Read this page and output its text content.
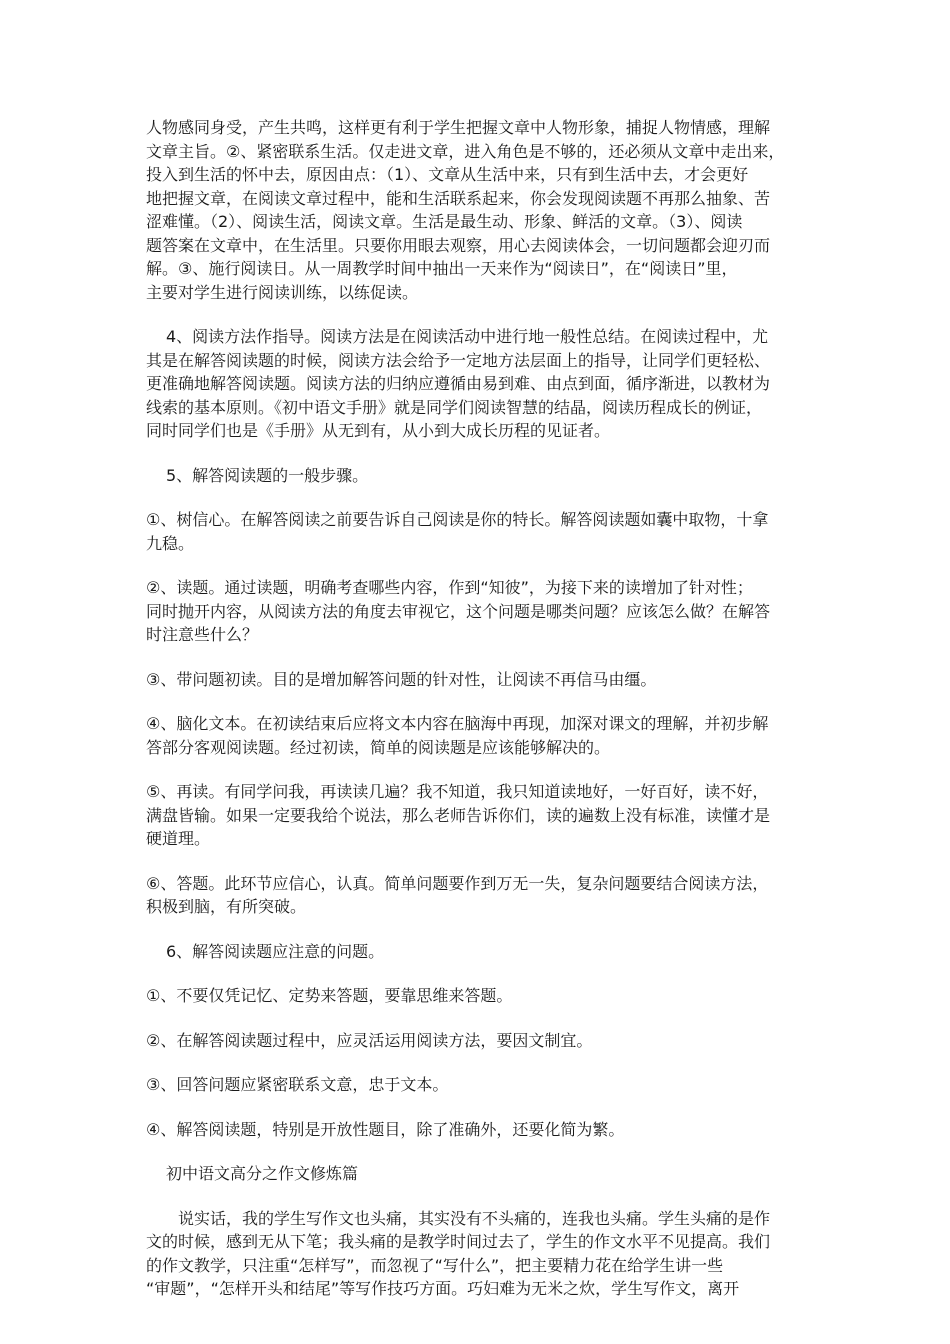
人物感同身受，产生共鸣，这样更有利于学生把握文章中人物形象，捕捉人物情感，理解
文章主旨。②、紧密联系生活。仅走进文章，进入角色是不够的，还必须从文章中走出来，
投入到生活的怀中去，原因由点：（1）、文章从生活中来，只有到生活中去，才会更好
地把握文章，在阅读文章过程中，能和生活联系起来，你会发现阅读题不再那么抽象、苦
涩难懂。（2）、阅读生活，阅读文章。生活是最生动、形象、鲜活的文章。（3）、阅读
题答案在文章中，在生活里。只要你用眼去观察，用心去阅读体会，一切问题都会迎刃而
解。③、施行阅读日。从一周教学时间中抽出一天来作为“阅读日”，在“阅读日”里，
主要对学生进行阅读训练，以练促读。
4、阅读方法作指导。阅读方法是在阅读活动中进行地一般性总结。在阅读过程中，尤
其是在解答阅读题的时候，阅读方法会给予一定地方法层面上的指导，让同学们更轻松、
更准确地解答阅读题。阅读方法的归纳应遵循由易到难、由点到面，循序渐进，以教材为
线索的基本原则。《初中语文手册》就是同学们阅读智慧的结晶，阅读历程成长的例证，
同时同学们也是《手册》从无到有，从小到大成长历程的见证者。
5、解答阅读题的一般步骤。
①、树信心。在解答阅读之前要告诉自己阅读是你的特长。解答阅读题如囊中取物，十拿
九稳。
②、读题。通过读题，明确考查哪些内容，作到“知彼”，为接下来的读增加了针对性；
同时抛开内容，从阅读方法的角度去审视它，这个问题是哪类问题？应该怎么做？在解答
时注意些什么？
③、带问题初读。目的是增加解答问题的针对性，让阅读不再信马由缰。
④、脑化文本。在初读结束后应将文本内容在脑海中再现，加深对课文的理解，并初步解
答部分客观阅读题。经过初读，简单的阅读题是应该能够解决的。
⑤、再读。有同学问我，再读读几遍？我不知道，我只知道读地好，一好百好，读不好，
满盘皆输。如果一定要我给个说法，那么老师告诉你们，读的遍数上没有标准，读懂才是
硬道理。
⑥、答题。此环节应信心，认真。简单问题要作到万无一失，复杂问题要结合阅读方法，
积极到脑，有所突破。
6、解答阅读题应注意的问题。
①、不要仅凭记忆、定势来答题，要靠思维来答题。
②、在解答阅读题过程中，应灵活运用阅读方法，要因文制宜。
③、回答问题应紧密联系文意，忠于文本。
④、解答阅读题，特别是开放性题目，除了准确外，还要化简为繁。
初中语文高分之作文修炼篇
说实话，我的学生写作文也头痛，其实没有不头痛的，连我也头痛。学生头痛的是作
文的时候，感到无从下笔；我头痛的是教学时间过去了，学生的作文水平不见提高。我们
的作文教学，只注重“怎样写”，而忽视了“写什么”，把主要精力花在给学生讲一些
“审题”，“怎样开头和结尾”等写作技巧方面。巧妇难为无米之炊，学生写作文，离开
